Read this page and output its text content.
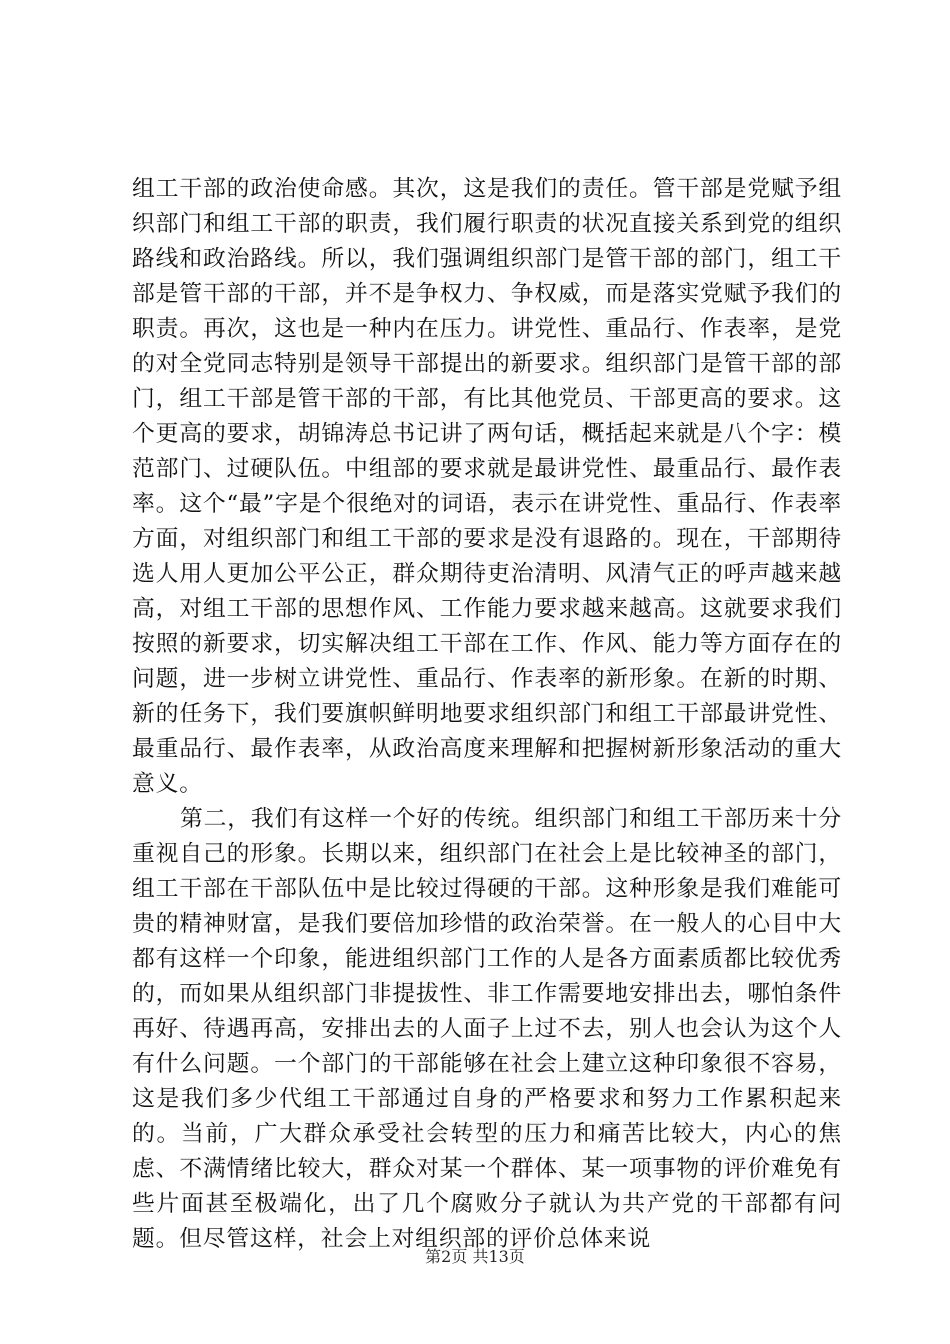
组工干部的政治使命感。其次，这是我们的责任。管干部是党赋予组织部门和组工干部的职责，我们履行职责的状况直接关系到党的组织路线和政治路线。所以，我们强调组织部门是管干部的部门，组工干部是管干部的干部，并不是争权力、争权威，而是落实党赋予我们的职责。再次，这也是一种内在压力。讲党性、重品行、作表率，是党的对全党同志特别是领导干部提出的新要求。组织部门是管干部的部门，组工干部是管干部的干部，有比其他党员、干部更高的要求。这个更高的要求，胡锦涛总书记讲了两句话，概括起来就是八个字：模范部门、过硬队伍。中组部的要求就是最讲党性、最重品行、最作表率。这个“最”字是个很绝对的词语，表示在讲党性、重品行、作表率方面，对组织部门和组工干部的要求是没有退路的。现在，干部期待选人用人更加公平公正，群众期待吏治清明、风清气正的呼声越来越高，对组工干部的思想作风、工作能力要求越来越高。这就要求我们按照的新要求，切实解决组工干部在工作、作风、能力等方面存在的问题，进一步树立讲党性、重品行、作表率的新形象。在新的时期、新的任务下，我们要旗帜鲜明地要求组织部门和组工干部最讲党性、最重品行、最作表率，从政治高度来理解和把握树新形象活动的重大意义。

第二，我们有这样一个好的传统。组织部门和组工干部历来十分重视自己的形象。长期以来，组织部门在社会上是比较神圣的部门，组工干部在干部队伍中是比较过得硬的干部。这种形象是我们难能可贵的精神财富，是我们要倍加珍惜的政治荣誉。在一般人的心目中大都有这样一个印象，能进组织部门工作的人是各方面素质都比较优秀的，而如果从组织部门非提拔性、非工作需要地安排出去，哪怕条件再好、待遇再高，安排出去的人面子上过不去，别人也会认为这个人有什么问题。一个部门的干部能够在社会上建立这种印象很不容易，这是我们多少代组工干部通过自身的严格要求和努力工作累积起来的。当前，广大群众承受社会转型的压力和痛苦比较大，内心的焦虑、不满情绪比较大，群众对某一个群体、某一项事物的评价难免有些片面甚至极端化，出了几个腐败分子就认为共产党的干部都有问题。但尽管这样，社会上对组织部的评价总体来说

第2页 共13页
